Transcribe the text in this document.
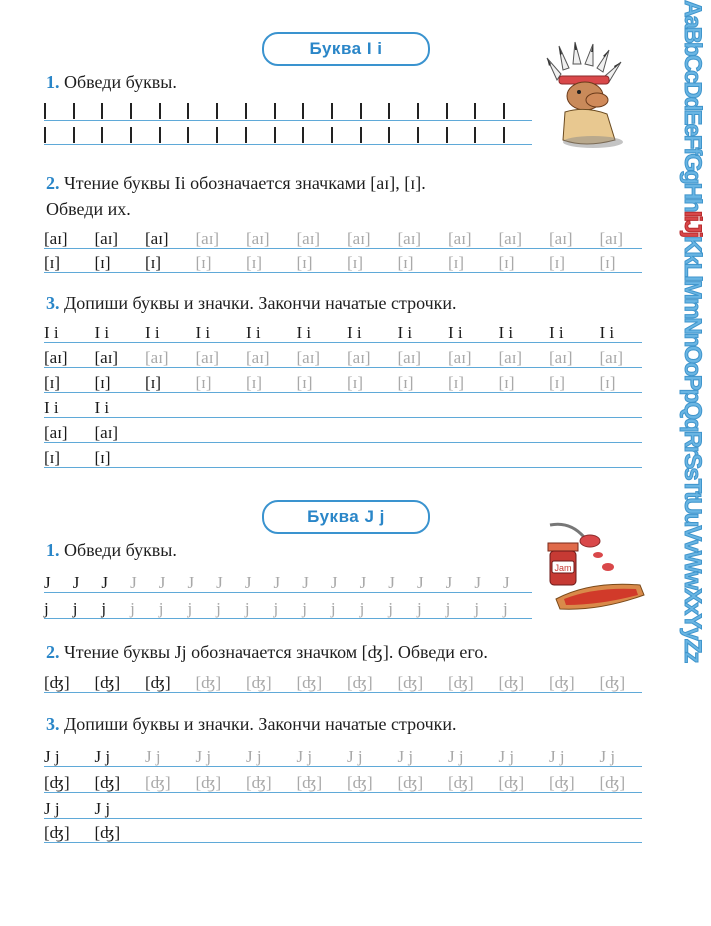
Буква I i
1. Обведи буквы.
2. Чтение буквы Ii обозначается значками [aɪ], [ɪ].
Обведи их.
[aɪ]	[aɪ]	[aɪ]	[aɪ]	[aɪ]	[aɪ]	[aɪ]	[aɪ]	[aɪ]	[aɪ]	[aɪ]	[aɪ]
[ɪ]	[ɪ]	[ɪ]	[ɪ]	[ɪ]	[ɪ]	[ɪ]	[ɪ]	[ɪ]	[ɪ]	[ɪ]	[ɪ]
3. Допиши буквы и значки. Закончи начатые строчки.
I i	I i	I i	I i	I i	I i	I i	I i	I i	I i	I i	I i
[aɪ]	[aɪ]	[aɪ]	[aɪ]	[aɪ]	[aɪ]	[aɪ]	[aɪ]	[aɪ]	[aɪ]	[aɪ]	[aɪ]
[ɪ]	[ɪ]	[ɪ]	[ɪ]	[ɪ]	[ɪ]	[ɪ]	[ɪ]	[ɪ]	[ɪ]	[ɪ]	[ɪ]
I i	I i
[aɪ]	[aɪ]
[ɪ]	[ɪ]
Буква J j
1. Обведи буквы.
J	J	J	J	J	J	J	J	J	J	J	J	J	J	J	J	J
j	j	j	j	j	j	j	j	j	j	j	j	j	j	j	j	j
2. Чтение буквы Jj обозначается значком [ʤ]. Обведи его.
[ʤ]	[ʤ]	[ʤ]	[ʤ]	[ʤ]	[ʤ]	[ʤ]	[ʤ]	[ʤ]	[ʤ]	[ʤ]	[ʤ]
3. Допиши буквы и значки. Закончи начатые строчки.
J j	J j	J j	J j	J j	J j	J j	J j	J j	J j	J j	J j
[ʤ]	[ʤ]	[ʤ]	[ʤ]	[ʤ]	[ʤ]	[ʤ]	[ʤ]	[ʤ]	[ʤ]	[ʤ]	[ʤ]
J j	J j
[ʤ]	[ʤ]
Jam
AaBbCcDdEeFfGgHhIiJjKkLlMmNnOoPpQqRrSsTtUuVvWwXxYyZz
